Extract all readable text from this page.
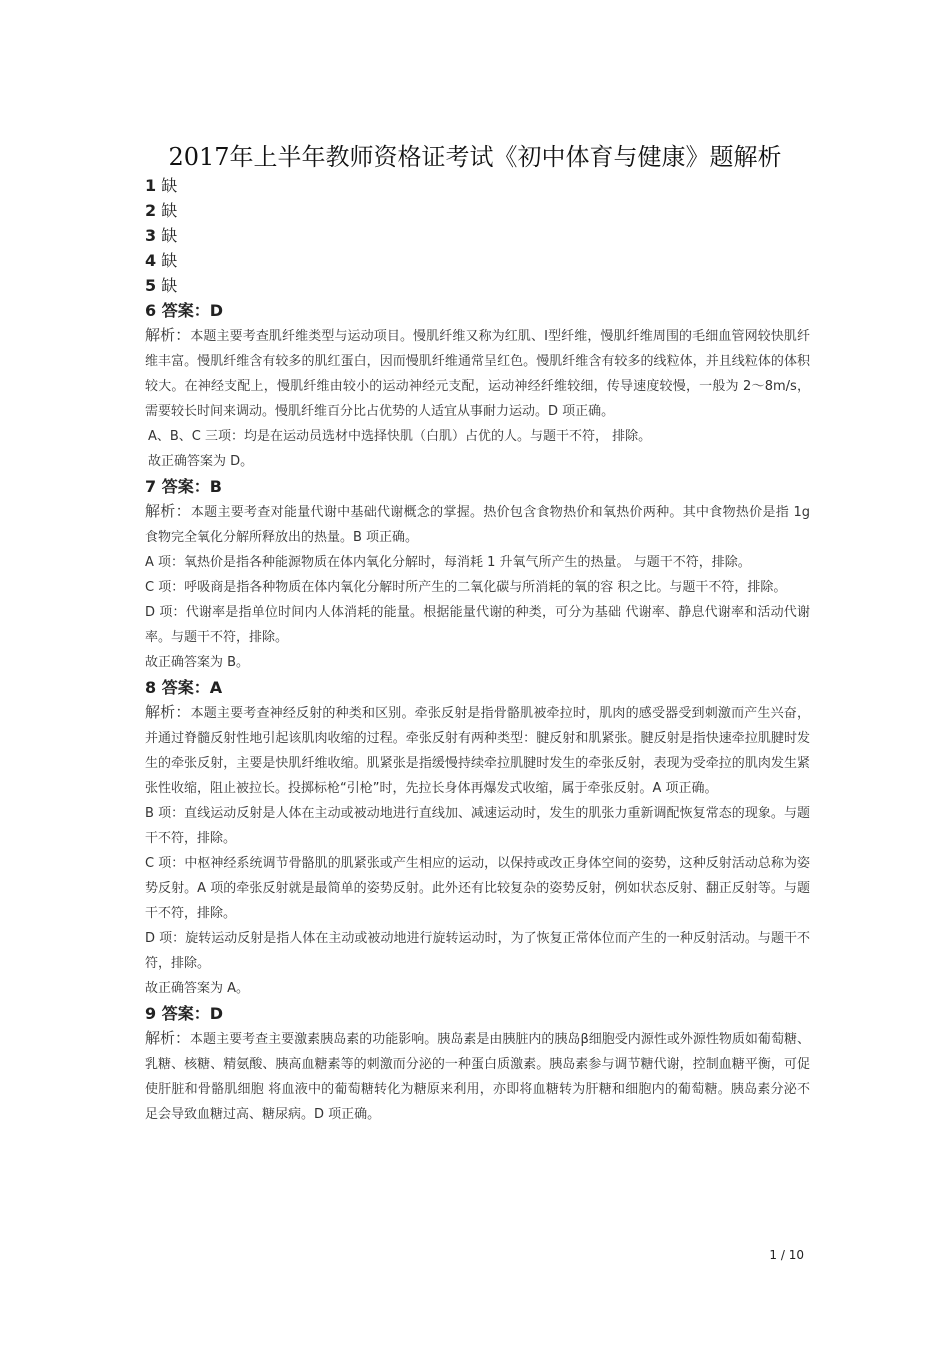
2017年上半年教师资格证考试《初中体育与健康》题解析
1 缺
2 缺
3 缺
4 缺
5 缺
6 答案：D
解析：本题主要考查肌纤维类型与运动项目。慢肌纤维又称为红肌、Ⅰ型纤维，慢肌纤维周围的毛细血管网较快肌纤维丰富。慢肌纤维含有较多的肌红蛋白，因而慢肌纤维通常呈红色。慢肌纤维含有较多的线粒体，并且线粒体的体积较大。在神经支配上，慢肌纤维由较小的运动神经元支配，运动神经纤维较细，传导速度较慢，一般为 2～8m/s，需要较长时间来调动。慢肌纤维百分比占优势的人适宜从事耐力运动。D 项正确。
A、B、C 三项：均是在运动员选材中选择快肌（白肌）占优的人。与题干不符， 排除。
故正确答案为 D。
7 答案：B
解析：本题主要考查对能量代谢中基础代谢概念的掌握。热价包含食物热价和氧热价两种。其中食物热价是指 1g 食物完全氧化分解所释放出的热量。B 项正确。
A 项：氧热价是指各种能源物质在体内氧化分解时，每消耗 1 升氧气所产生的热量。 与题干不符，排除。
C 项：呼吸商是指各种物质在体内氧化分解时所产生的二氧化碳与所消耗的氧的容 积之比。与题干不符，排除。
D 项：代谢率是指单位时间内人体消耗的能量。根据能量代谢的种类，可分为基础 代谢率、静息代谢率和活动代谢率。与题干不符，排除。
故正确答案为 B。
8 答案：A
解析：本题主要考查神经反射的种类和区别。牵张反射是指骨骼肌被牵拉时，肌肉的感受器受到刺激而产生兴奋，并通过脊髓反射性地引起该肌肉收缩的过程。牵张反射有两种类型：腱反射和肌紧张。腱反射是指快速牵拉肌腱时发生的牵张反射，主要是快肌纤维收缩。肌紧张是指缓慢持续牵拉肌腱时发生的牵张反射，表现为受牵拉的肌肉发生紧张性收缩，阻止被拉长。投掷标枪“引枪”时，先拉长身体再爆发式收缩，属于牵张反射。A 项正确。
B 项：直线运动反射是人体在主动或被动地进行直线加、减速运动时，发生的肌张力重新调配恢复常态的现象。与题干不符，排除。
C 项：中枢神经系统调节骨骼肌的肌紧张或产生相应的运动，以保持或改正身体空间的姿势，这种反射活动总称为姿势反射。A 项的牵张反射就是最简单的姿势反射。此外还有比较复杂的姿势反射，例如状态反射、翻正反射等。与题干不符，排除。
D 项：旋转运动反射是指人体在主动或被动地进行旋转运动时，为了恢复正常体位而产生的一种反射活动。与题干不符，排除。
故正确答案为 A。
9 答案：D
解析：本题主要考查主要激素胰岛素的功能影响。胰岛素是由胰脏内的胰岛β细胞受内源性或外源性物质如葡萄糖、乳糖、核糖、精氨酸、胰高血糖素等的刺激而分泌的一种蛋白质激素。胰岛素参与调节糖代谢，控制血糖平衡，可促使肝脏和骨骼肌细胞 将血液中的葡萄糖转化为糖原来利用，亦即将血糖转为肝糖和细胞内的葡萄糖。胰岛素分泌不足会导致血糖过高、糖尿病。D 项正确。
1 / 10
